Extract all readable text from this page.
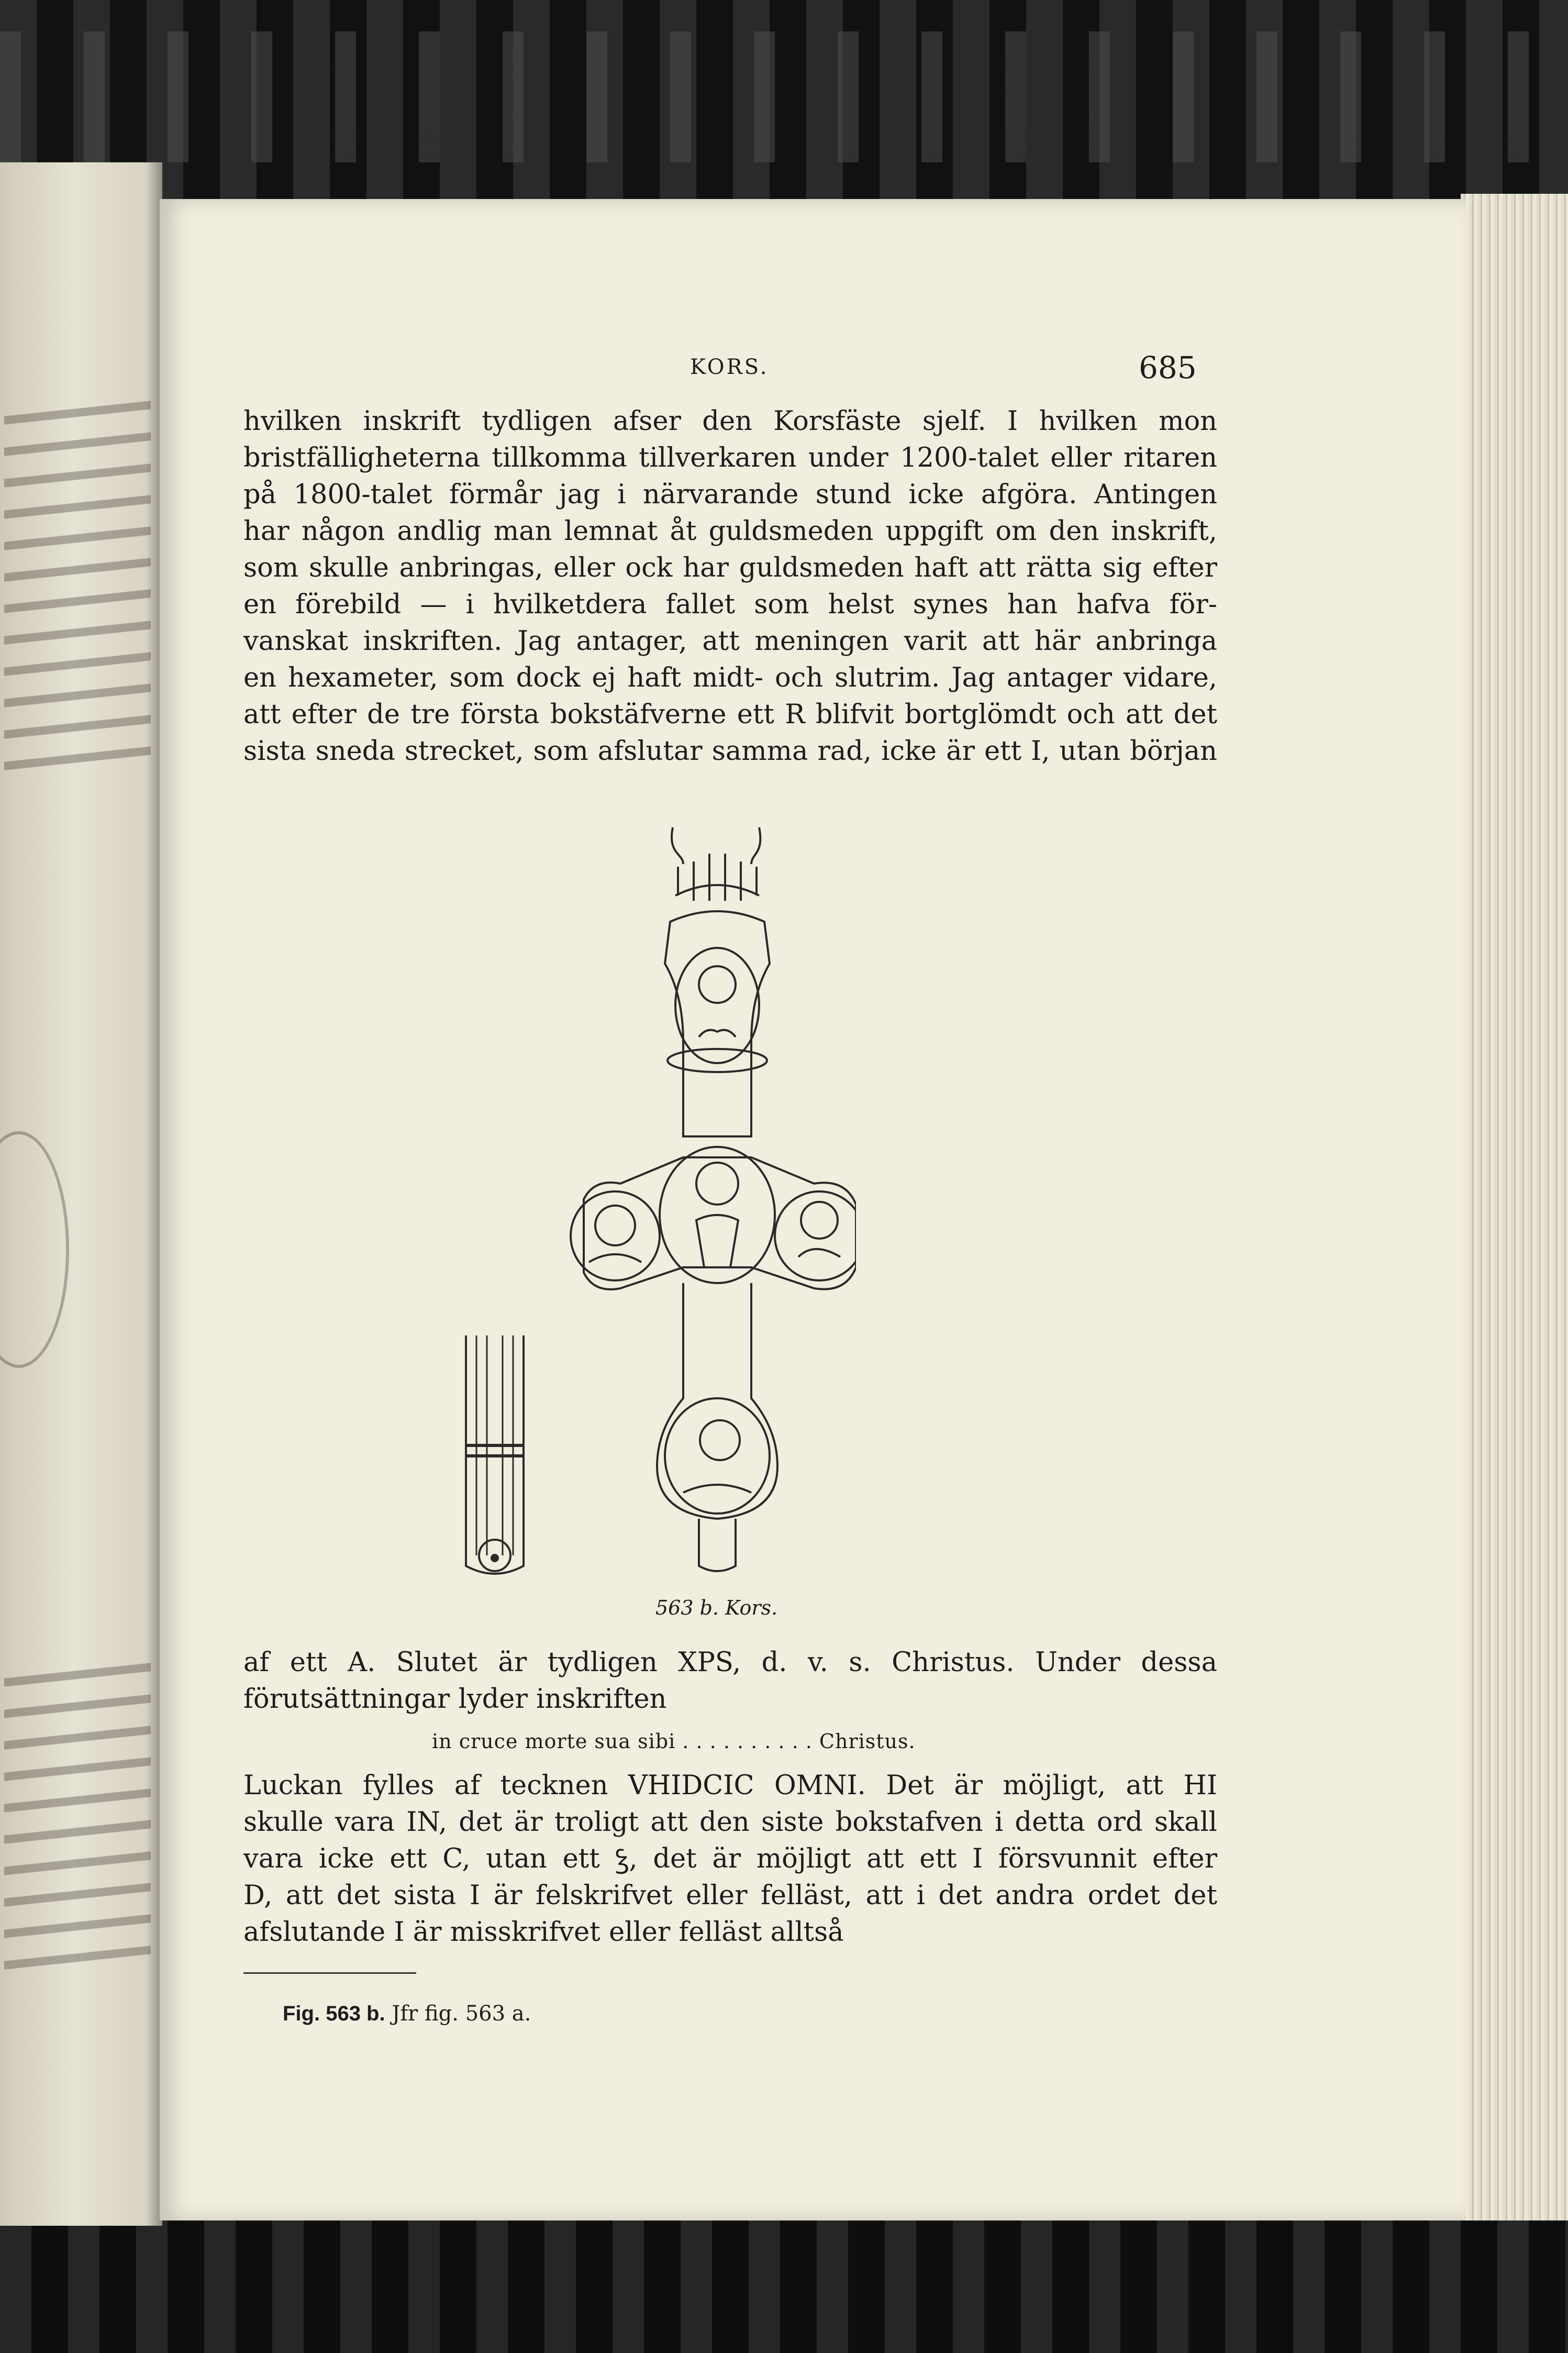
KORS.	685

hvilken inskrift tydligen afser den Korsfäste sjelf. I hvilken mon
bristfälligheterna tillkomma tillverkaren under 1200-talet eller ritaren
på 1800-talet förmår jag i närvarande stund icke afgöra. Antingen
har någon andlig man lemnat åt guldsmeden uppgift om den inskrift,
som skulle anbringas, eller ock har guldsmeden haft att rätta sig efter
en förebild — i hvilketdera fallet som helst synes han hafva för-
vanskat inskriften. Jag antager, att meningen varit att här anbringa
en hexameter, som dock ej haft midt- och slutrim. Jag antager vidare,
att efter de tre första bokstäfverne ett R blifvit bortglömdt och att det
sista sneda strecket, som afslutar samma rad, icke är ett I, utan början

563 b. Kors.

af ett A. Slutet är tydligen XPS, d. v. s. Christus. Under dessa
förutsättningar lyder inskriften

in cruce morte sua sibi . . . . . . . . . . Christus.

Luckan fylles af tecknen VHIDCIC OMNI. Det är möjligt, att HI
skulle vara IN, det är troligt att den siste bokstafven i detta ord skall
vara icke ett C, utan ett ꝣ, det är möjligt att ett I försvunnit efter
D, att det sista I är felskrifvet eller felläst, att i det andra ordet det
afslutande I är misskrifvet eller felläst alltså

Fig. 563 b. Jfr fig. 563 a.
